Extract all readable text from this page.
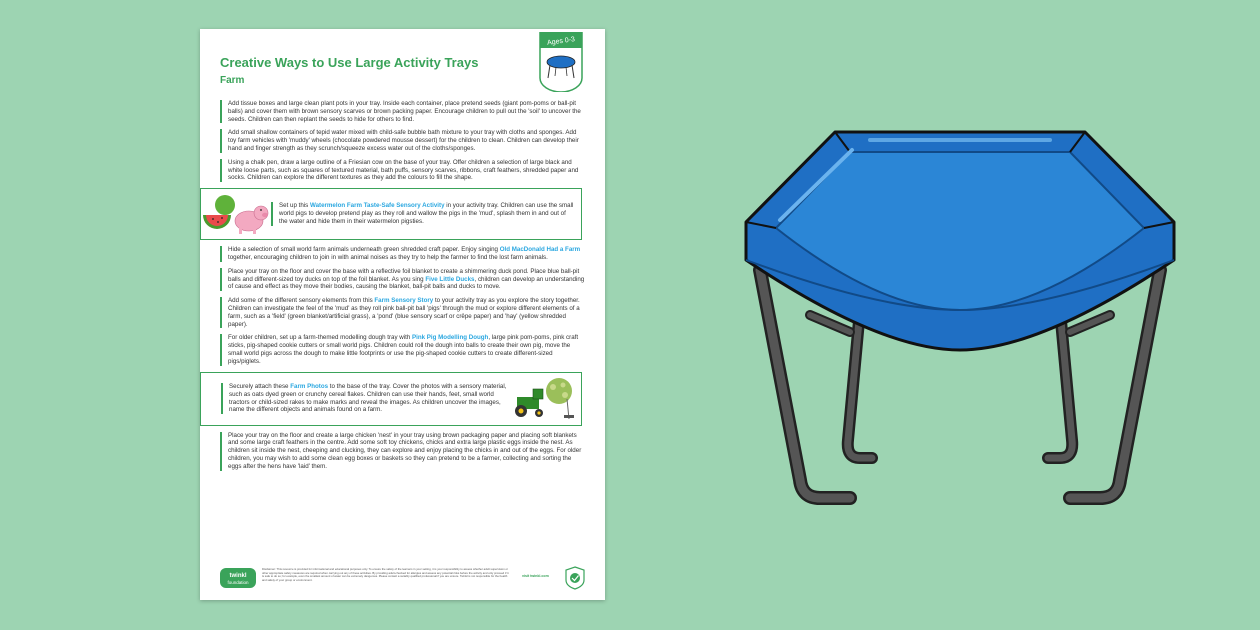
Creative Ways to Use Large Activity Trays
Farm
Ages 0-3

Add tissue boxes and large clean plant pots in your tray. Inside each container, place pretend seeds (giant pom-poms or ball-pit balls) and cover them with brown sensory scarves or brown packing paper. Encourage children to pull out the 'soil' to uncover the seeds. Children can then replant the seeds to hide for others to find.

Add small shallow containers of tepid water mixed with child-safe bubble bath mixture to your tray with cloths and sponges. Add toy farm vehicles with 'muddy' wheels (chocolate powdered mousse dessert) for the children to clean. Children can develop their hand and finger strength as they scrunch/squeeze excess water out of the cloths/sponges.

Using a chalk pen, draw a large outline of a Friesian cow on the base of your tray. Offer children a selection of large black and white loose parts, such as squares of textured material, bath puffs, sensory scarves, ribbons, craft feathers, shredded paper and socks. Children can explore the different textures as they add the colours to fill the shape.

Set up this Watermelon Farm Taste-Safe Sensory Activity in your activity tray. Children can use the small world pigs to develop pretend play as they roll and wallow the pigs in the 'mud', splash them in and out of the water and hide them in their watermelon pigsties.

Hide a selection of small world farm animals underneath green shredded craft paper. Enjoy singing Old MacDonald Had a Farm together, encouraging children to join in with animal noises as they try to help the farmer to find the lost farm animals.

Place your tray on the floor and cover the base with a reflective foil blanket to create a shimmering duck pond. Place blue ball-pit balls and different-sized toy ducks on top of the foil blanket. As you sing Five Little Ducks, children can develop an understanding of cause and effect as they move their bodies, causing the blanket, ball-pit balls and ducks to move.

Add some of the different sensory elements from this Farm Sensory Story to your activity tray as you explore the story together. Children can investigate the feel of the 'mud' as they roll pink ball-pit ball 'pigs' through the mud or explore different elements of a farm, such as a 'field' (green blanket/artificial grass), a 'pond' (blue sensory scarf or crêpe paper) and 'hay' (yellow shredded paper).

For older children, set up a farm-themed modelling dough tray with Pink Pig Modelling Dough, large pink pom-poms, pink craft sticks, pig-shaped cookie cutters or small world pigs. Children could roll the dough into balls to create their own pig, move the small world pigs across the dough to make little footprints or use the pig-shaped cookie cutters to create different-sized pigs/piglets.

Securely attach these Farm Photos to the base of the tray. Cover the photos with a sensory material, such as oats dyed green or crunchy cereal flakes. Children can use their hands, feet, small world tractors or child-sized rakes to make marks and reveal the images. As children uncover the images, name the different objects and animals found on a farm.

Place your tray on the floor and create a large chicken 'nest' in your tray using brown packaging paper and placing soft blankets and some large craft feathers in the centre. Add some soft toy chickens, chicks and extra large plastic eggs inside the nest. As children sit inside the nest, cheeping and clucking, they can explore and enjoy placing the chicks in and out of the eggs. For older children, you may wish to add some clean egg boxes or baskets so they can pretend to be a farmer, collecting and sorting the eggs after the hens have 'laid' them.

twinkl
foundation
Disclaimer: This resource is provided for informational and educational purposes only. To ensure the safety of the learners in your setting, it is your responsibility to assess whether adult supervision or other appropriate safety measures are required when carrying out any of these activities. By providing adult-checked for allergies and assess any potential risks before the activity and only proceed if it is safe to do so; for example, even the smallest amount of water can be extremely dangerous. Please contact a suitably qualified professional if you are unsure. Twinkl is not responsible for the health and safety of your group or environment.
visit twinkl.com
